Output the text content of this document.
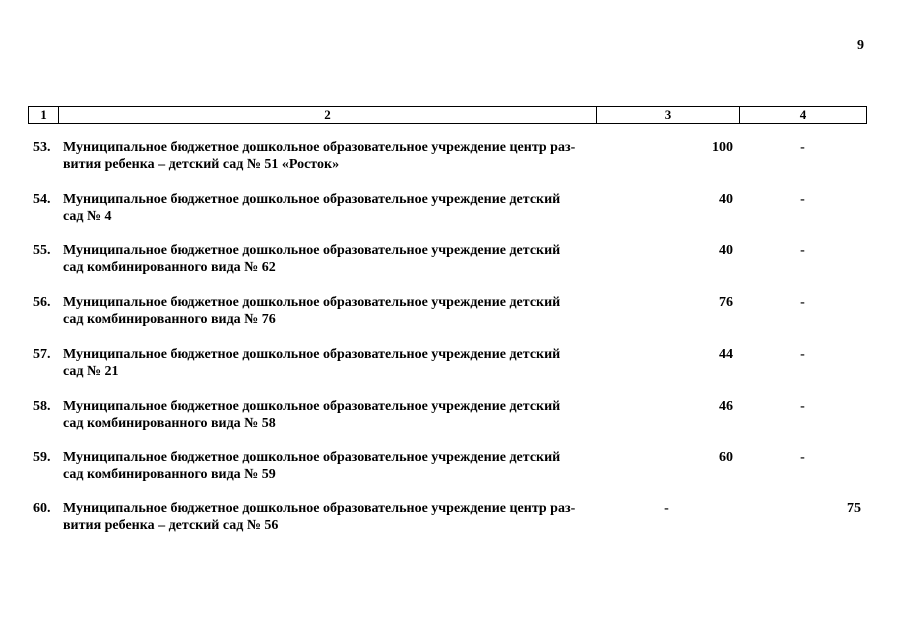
9
1	2	3	4
53. Муниципальное бюджетное дошкольное образовательное учреждение центр раз-
вития ребенка – детский сад № 51 «Росток»
100	-
54. Муниципальное бюджетное дошкольное образовательное учреждение детский
сад № 4
40	-
55. Муниципальное бюджетное дошкольное образовательное учреждение детский
сад комбинированного вида № 62
40	-
56. Муниципальное бюджетное дошкольное образовательное учреждение детский
сад комбинированного вида № 76
76	-
57. Муниципальное бюджетное дошкольное образовательное учреждение детский
сад № 21
44	-
58. Муниципальное бюджетное дошкольное образовательное учреждение детский
сад комбинированного вида № 58
46	-
59. Муниципальное бюджетное дошкольное образовательное учреждение детский
сад комбинированного вида № 59
60	-
60. Муниципальное бюджетное дошкольное образовательное учреждение центр раз-
вития ребенка – детский сад № 56
-	75
